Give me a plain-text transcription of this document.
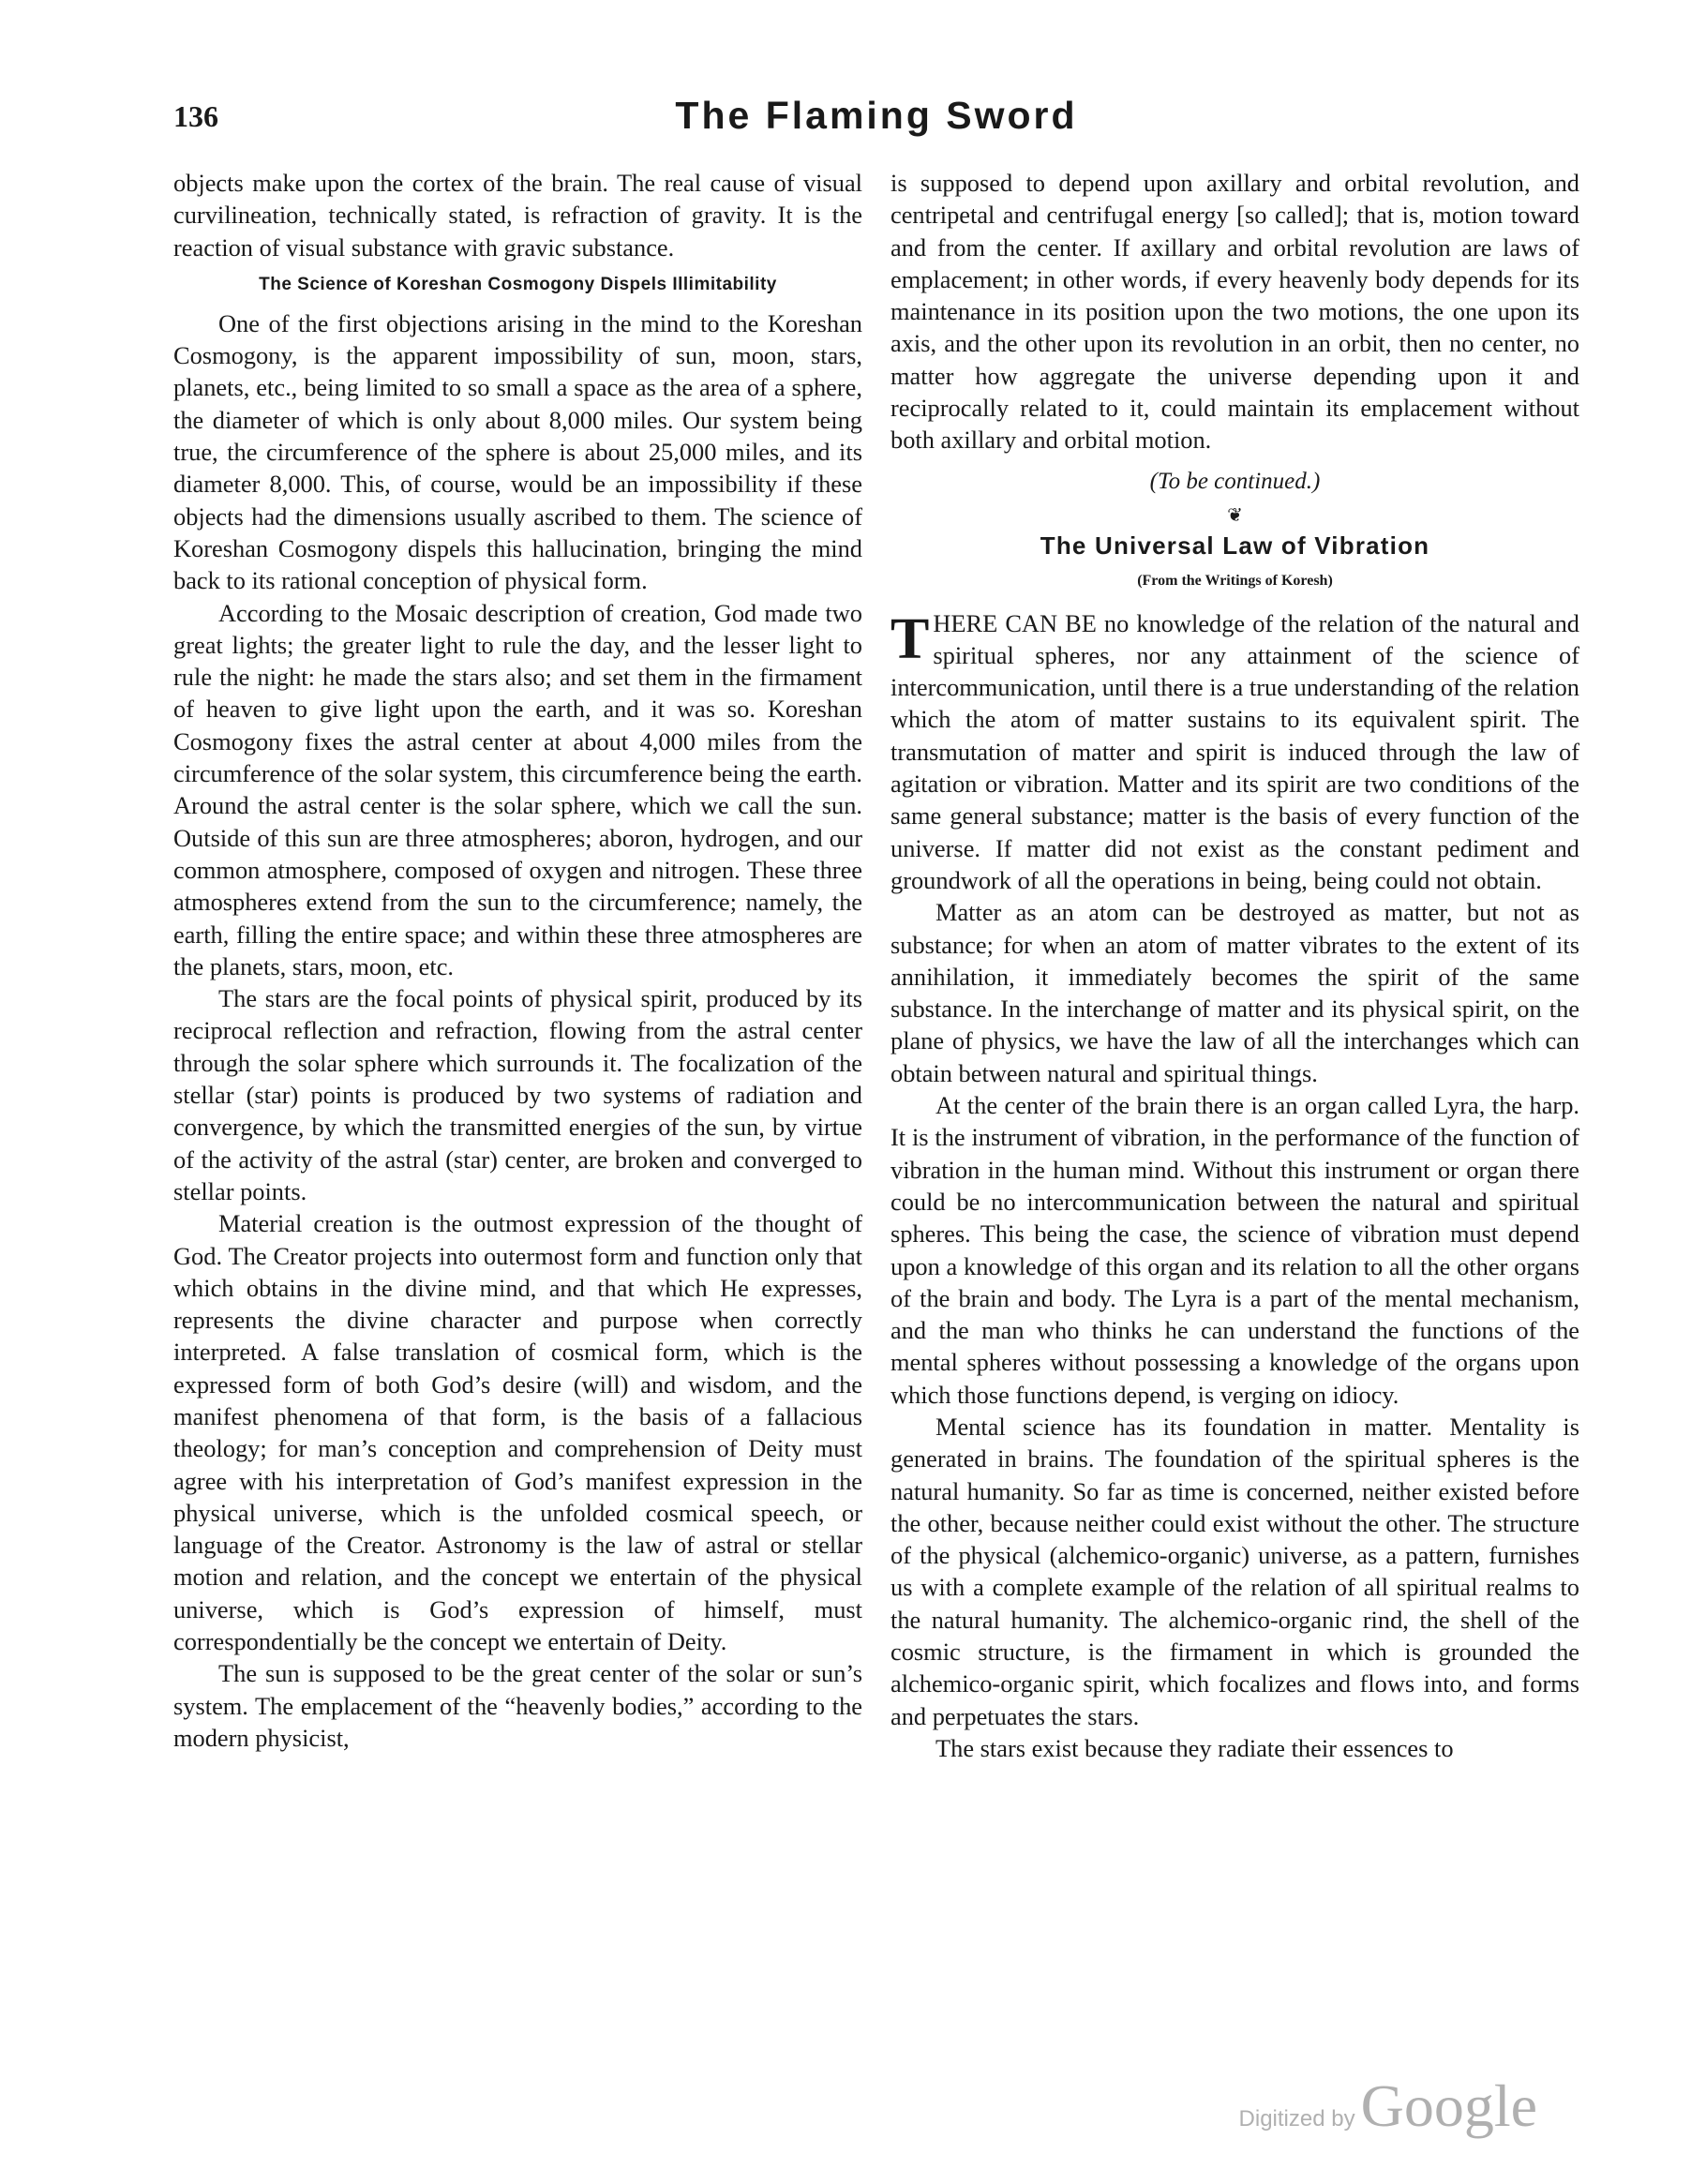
136	The Flaming Sword

objects make upon the cortex of the brain. The real cause of visual curvilineation, technically stated, is refraction of gravity. It is the reaction of visual substance with gravic substance.

The Science of Koreshan Cosmogony Dispels Illimitability

One of the first objections arising in the mind to the Koreshan Cosmogony, is the apparent impossibility of sun, moon, stars, planets, etc., being limited to so small a space as the area of a sphere, the diameter of which is only about 8,000 miles. Our system being true, the circumference of the sphere is about 25,000 miles, and its diameter 8,000. This, of course, would be an impossibility if these objects had the dimensions usually ascribed to them. The science of Koreshan Cosmogony dispels this hallucination, bringing the mind back to its rational conception of physical form.

According to the Mosaic description of creation, God made two great lights; the greater light to rule the day, and the lesser light to rule the night: he made the stars also; and set them in the firmament of heaven to give light upon the earth, and it was so. Koreshan Cosmogony fixes the astral center at about 4,000 miles from the circumference of the solar system, this circumference being the earth. Around the astral center is the solar sphere, which we call the sun. Outside of this sun are three atmospheres; aboron, hydrogen, and our common atmosphere, composed of oxygen and nitrogen. These three atmospheres extend from the sun to the circumference; namely, the earth, filling the entire space; and within these three atmospheres are the planets, stars, moon, etc.

The stars are the focal points of physical spirit, produced by its reciprocal reflection and refraction, flowing from the astral center through the solar sphere which surrounds it. The focalization of the stellar (star) points is produced by two systems of radiation and convergence, by which the transmitted energies of the sun, by virtue of the activity of the astral (star) center, are broken and converged to stellar points.

Material creation is the outmost expression of the thought of God. The Creator projects into outermost form and function only that which obtains in the divine mind, and that which He expresses, represents the divine character and purpose when correctly interpreted. A false translation of cosmical form, which is the expressed form of both God’s desire (will) and wisdom, and the manifest phenomena of that form, is the basis of a fallacious theology; for man’s conception and comprehension of Deity must agree with his interpretation of God’s manifest expression in the physical universe, which is the unfolded cosmical speech, or language of the Creator. Astronomy is the law of astral or stellar motion and relation, and the concept we entertain of the physical universe, which is God’s expression of himself, must correspondentially be the concept we entertain of Deity.

The sun is supposed to be the great center of the solar or sun’s system. The emplacement of the “heavenly bodies,” according to the modern physicist,

is supposed to depend upon axillary and orbital revolution, and centripetal and centrifugal energy [so called]; that is, motion toward and from the center. If axillary and orbital revolution are laws of emplacement; in other words, if every heavenly body depends for its maintenance in its position upon the two motions, the one upon its axis, and the other upon its revolution in an orbit, then no center, no matter how aggregate the universe depending upon it and reciprocally related to it, could maintain its emplacement without both axillary and orbital motion.

(To be continued.)
❦
The Universal Law of Vibration
(From the Writings of Koresh)

THERE CAN BE no knowledge of the relation of the natural and spiritual spheres, nor any attainment of the science of intercommunication, until there is a true understanding of the relation which the atom of matter sustains to its equivalent spirit. The transmutation of matter and spirit is induced through the law of agitation or vibration. Matter and its spirit are two conditions of the same general substance; matter is the basis of every function of the universe. If matter did not exist as the constant pediment and groundwork of all the operations in being, being could not obtain.

Matter as an atom can be destroyed as matter, but not as substance; for when an atom of matter vibrates to the extent of its annihilation, it immediately becomes the spirit of the same substance. In the interchange of matter and its physical spirit, on the plane of physics, we have the law of all the interchanges which can obtain between natural and spiritual things.

At the center of the brain there is an organ called Lyra, the harp. It is the instrument of vibration, in the performance of the function of vibration in the human mind. Without this instrument or organ there could be no intercommunication between the natural and spiritual spheres. This being the case, the science of vibration must depend upon a knowledge of this organ and its relation to all the other organs of the brain and body. The Lyra is a part of the mental mechanism, and the man who thinks he can understand the functions of the mental spheres without possessing a knowledge of the organs upon which those functions depend, is verging on idiocy.

Mental science has its foundation in matter. Mentality is generated in brains. The foundation of the spiritual spheres is the natural humanity. So far as time is concerned, neither existed before the other, because neither could exist without the other. The structure of the physical (alchemico-organic) universe, as a pattern, furnishes us with a complete example of the relation of all spiritual realms to the natural humanity. The alchemico-organic rind, the shell of the cosmic structure, is the firmament in which is grounded the alchemico-organic spirit, which focalizes and flows into, and forms and perpetuates the stars.

The stars exist because they radiate their essences to

Digitized by Google
